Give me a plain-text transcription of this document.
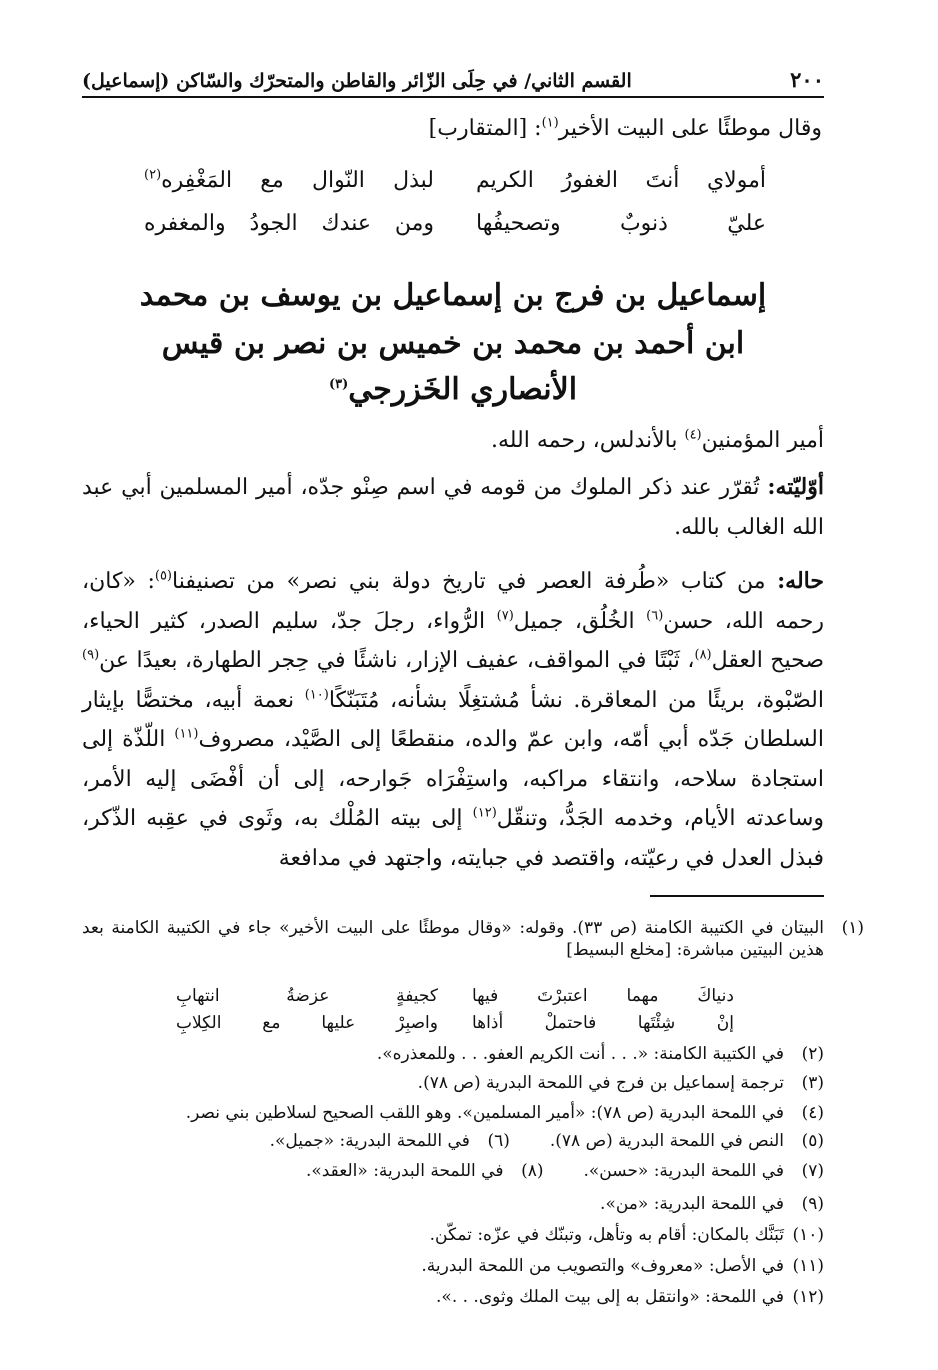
٢٠٠
القسم الثاني/ في حِلَى الزّائر والقاطن والمتحرّك والسّاكن (إسماعيل)
وقال موطئًا على البيت الأخير$^{(١)}$: [المتقارب]
أمولاي أنتَ الغفورُ الكريم
لبذل النّوال مع المَغْفِره$^{(٢)}$
عليّ ذنوبٌ وتصحيفُها
ومن عندك الجودُ والمغفره
إسماعيل بن فرج بن إسماعيل بن يوسف بن محمد
ابن أحمد بن محمد بن خميس بن نصر بن قيس
الأنصاري الخَزرجي$^{(٣)}$
أمير المؤمنين$^{(٤)}$ بالأندلس، رحمه الله.
أوّليّته: تُقرّر عند ذكر الملوك من قومه في اسم صِنْو جدّه، أمير المسلمين أبي عبد الله الغالب بالله.
حاله: من كتاب «طُرفة العصر في تاريخ دولة بني نصر» من تصنيفنا$^{(٥)}$: «كان، رحمه الله، حسن$^{(٦)}$ الخُلُق، جميل$^{(٧)}$ الرُّواء، رجلَ جدّ، سليم الصدر، كثير الحياء، صحيح العقل$^{(٨)}$، ثَبْتًا في المواقف، عفيف الإزار، ناشئًا في حِجر الطهارة، بعيدًا عن$^{(٩)}$ الصّبْوة، بريئًا من المعاقرة. نشأ مُشتغِلًا بشأنه، مُتَبَنّكًا$^{(١٠)}$ نعمة أبيه، مختصًّا بإيثار السلطان جَدّه أبي أمّه، وابن عمّ والده، منقطعًا إلى الصَّيْد، مصروف$^{(١١)}$ اللّذّة إلى استجادة سلاحه، وانتقاء مراكبه، واستِفْرَاه جَوارحه، إلى أن أفْضَى إليه الأمر، وساعدته الأيام، وخدمه الجَدُّ، وتنقّل$^{(١٢)}$ إلى بيته المُلْك به، وثَوى في عقِبه الذّكر، فبذل العدل في رعيّته، واقتصد في جبايته، واجتهد في مدافعة
(١)
البيتان في الكتيبة الكامنة (ص ٣٣). وقوله: «وقال موطئًا على البيت الأخير» جاء في الكتيبة الكامنة بعد هذين البيتين مباشرة: [مخلع البسيط]
دنياكَ مهما اعتبرْتَ فيها
كجيفةٍ عزضةُ انتهابِ
إنْ شِئْتَها فاحتملْ أذاها
واصبِرْ عليها مع الكِلابِ
(٢)في الكتيبة الكامنة: «. . . أنت الكريم العفو. . . وللمعذره».
(٣)ترجمة إسماعيل بن فرج في اللمحة البدرية (ص ٧٨).
(٤)في اللمحة البدرية (ص ٧٨): «أمير المسلمين». وهو اللقب الصحيح لسلاطين بني نصر.
(٥)النص في اللمحة البدرية (ص ٧٨).
(٦)في اللمحة البدرية: «جميل».
(٧)في اللمحة البدرية: «حسن».
(٨)في اللمحة البدرية: «العقد».
(٩)في اللمحة البدرية: «من».
(١٠)تَبَنَّك بالمكان: أقام به وتأهل، وتبنّك في عزّه: تمكّن.
(١١)في الأصل: «معروف» والتصويب من اللمحة البدرية.
(١٢)في اللمحة: «وانتقل به إلى بيت الملك وثوى. . .».
